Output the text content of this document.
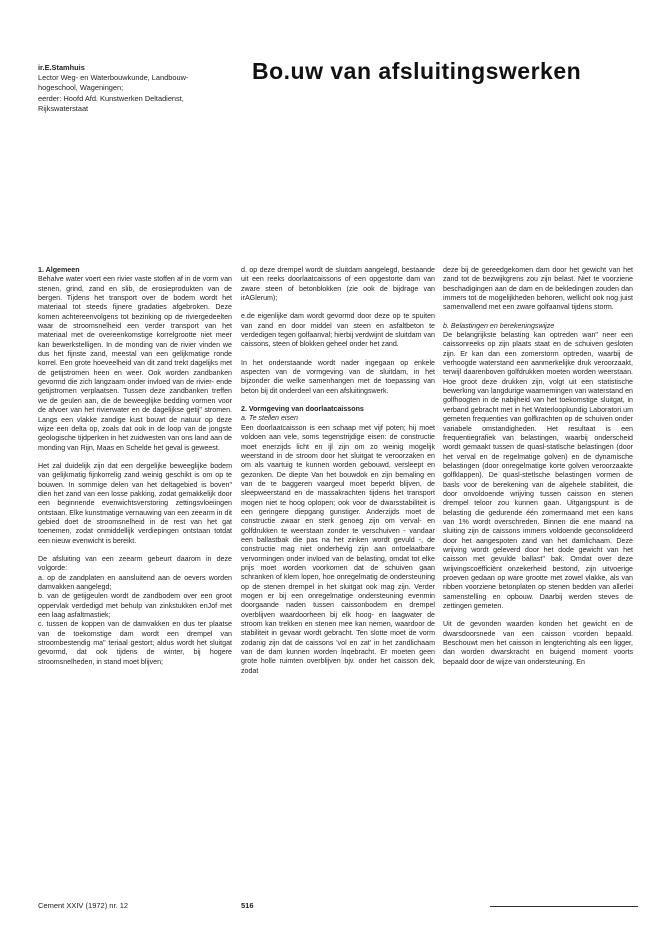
ir.E.Stamhuis
Lector Weg- en Waterbouwkunde, Landbouw-
hogeschool, Wageningen;
eerder: Hoofd Afd. Kunstwerken Deltadienst,
Rijkswaterstaat
Bo.uw van afsluitingswerken

1. Algemeen

Behalve water voert een rivier vaste stoffen af in de vorm van stenen, grind, zand en slib, de erosieprodukten van de bergen. Tijdens het transport over de bodem wordt het materiaal tot steeds fijnere gradaties afgebroken. Deze komen achtereenvolgens tot bezinking op de riviergedeelten waar de stroomsnelheid een verder transport van het materiaal met de overeenkomstige korrelgrootte niet meer kan bewerkstelligen. In de monding van de rivier vinden we dus het fijnste zand, meestal van een gelijkmatige ronde korrel. Een grote hoeveelheid van dit zand trekt dagelijks met de getijstromen heen en weer. Ook worden zandbanken gevormd die zich langzaam onder invloed van de rivier- ende getijstromen verplaatsen. Tussen deze zandbanken treffen we de geulen aan, die de beweeglijke bedding vormen voor de afvoer van het rivierwater en de dagelijkse getij" stromen. Langs een vlakke zandige kust bouwt de natuur op deze wijze een delta op, zoals dat ook in de loop van de jongste geologische tijdperken in het zuidwesten van ons land aan de monding van Rijn, Maas en Schelde het geval is geweest.

Het zal duidelijk zijn dat een dergelijke beweeglijke bodem van gelijkmatig fijnkorrelig zand weinig geschikt is om op te bouwen. In sommige delen van het deltagebied is boven" dien het zand van een losse pakking, zodat gemakkelijk door een beginnende evenwichtsverstoring zettingsvloeiingen ontstaan. Elke kunstmatige vernauwing van een zeearm in dit gebied doet de stroomsnelheid in de rest van het gat toenemen, zodat onmiddellijk verdiepingen ontstaan totdat een nieuw evenwicht is bereikt.

De afsluiting van een zeearm gebeurt daarom in deze volgorde:

a. op de zandplaten en aansluitend aan de oevers worden damvakken aangelegd;

b. van de getijgeulen wordt de zandbodem over een groot oppervlak verdedigd met behulp van zinkstukken enJof met een laag asfaltmastiek;

c. tussen de koppen van de damvakken en dus ter plaatse van de toekomstige dam wordt een drempel van stroombestendig ma" teriaal gestort; aldus wordt het sluitgat gevormd, dat ook tijdens de winter, bij hogere stroomsnelheden, in stand moet blijven;

d. op deze drempel wordt de sluitdam aangelegd, bestaande uit een reeks doorlaatcaissons of een opgestorte dam van zware steen of betonblokken (zie ook de bijdrage van irAGlerum);

e.de eigenlijke dam wordt gevormd door deze op te spuiten van zand en door middel van steen en asfaltbeton te verdedigen tegen golfaanval; hierbij verdwijnt de sluitdam van caissons, steen of blokken geheel onder het zand.

In het onderstaande wordt nader ingegaan op enkele aspecten van de vormgeving van de sluitdam, in het bijzonder die welke samenhangen met de toepassing van beton bij dit onderdeel van een afsluitingswerk.

2. Vormgeving van doorlaatcaissons

a. Te stellen eisen

Een doorlaatcaisson is een schaap met vijf poten; hij moet voldoen aan vele, soms tegenstrijdige eisen: de constructie moet enerzijds licht en ijl zijn om zo weinig mogelijk weerstand in de stroom door het sluitgat te veroorzaken en om als vaartuig te kunnen worden gebouwd, versleept en gezonken. De diepte Van het bouwdok en zijn bemaling en van de te baggeren vaargeul moet beperkt blijven, de sleepweerstand en de massakrachten tijdens het transport mogen niet te hoog oplopen; ook voor de dwarsstabiliteit is een geringere diepgang gunstiger. Anderzijds moet de constructie zwaar en sterk genoeg zijn om verval- en golfdrukken te weerstaan zonder te verschuiven - vandaar een ballastbak die pas na het zinken wordt gevuld -, de constructie mag niet onderhevig zijn aan ontoelaatbare vervormingen onder invloed van de belasting, omdat tot elke prijs moet worden voorkomen dat de schuiven gaan schranken of klem lopen, hoe onregelmatig de ondersteuning op de stenen drempel in het sluitgat ook mag zijn. Verder mogen er bij een onregelmatige ondersteuning evenmin doorgaande naden tussen caissonbodem en drempel overblijven waardoorheen bij elk hoog- en laagwater de stroom kan trekken en stenen mee kan nemen, waardoor de stabiliteit in gevaar wordt gebracht. Ten slotte moet de vorm zodanig zijn dat de caissons 'vol en zat' in het zandlichaam van de dam kunnen worden lnqebracht. Er moeten geen grote holle ruimten overblijven bjv. onder het caisson dek, zodat

deze bij de gereedgekomen dam door het gewicht van het zand tot de bezwijkgrens zou zijn belast. Niet te voorziene beschadigingen aan de dam en de bekledingen zouden dan immers tot de mogelijkheden behoren, wellicht ook nog juist samenvallend met een zware golfaanval tijdens storm.

b. Belastingen en berekeningswijze

De belangrijkste belasting kan optreden wan" neer een caissonreeks op zijn plaats staat en de schuiven gesloten zijn. Er kan dan een zomerstorm optreden, waarbij de verhoogde waterstand een aanmerkelijke druk veroorzaakt, terwijl daarenboven golfdrukken moeten worden weerstaan. Hoe groot deze drukken zijn, volgt uit een statistische bewerking van langdurige waarnemingen van waterstand en golfhoogten in de nabijheid van het toekomstige sluitgat, in verband gebracht met in het Waterloopkundig Laboratori.um gemeten frequenties van golfkrachten op de schuiven onder variabele omstandigheden. Het resultaat is een frequentiegrafiek van belastingen, waarbij onderscheid wordt gemaakt tussen de quasl-statlsche belastingen (door het verval en de regelmatige golven) en de dynamische belastingen (door onregelmatige korte golven veroorzaakte golfklappen). De quasl-stetlsche belastingen vormen de basls voor de berekening van de algehele stabiliteit, die door onvoldoende wrijving tussen caisson en stenen drempel teloor zou kunnen gaan. Uitgangspunt is de belasting die gedurende één zomermaand met een kans van 1% wordt overschreden. Binnen die ene maand na sluiting zijn de caissons immers voldoende geconsolideerd door het aangespoten zand van het damlichaam. Deze wrijving wordt geleverd door het dode gewicht van het caisson met gevulde ballast" bak. Omdat over deze wrijvingscoëfficiënt onzekerheid bestond, zijn uitvoerige proeven gedaan op ware grootte met zowel vlakke, als van ribben voorziene betonplaten op stenen bedden van allerlei samenstelling en opbouw. Daarbij werden steves de zettingen gemeten.

Uit de gevonden waarden konden het gewicht en de dwarsdoorsnede van een caisson vcorden bepaald. Beschouwt men het caisson in lengterichting als een ligger, dan worden dwarskracht en buigend moment voorts bepaald door de wijze van ondersteuning. En

Cement XXIV (1972) nr. 12	516
